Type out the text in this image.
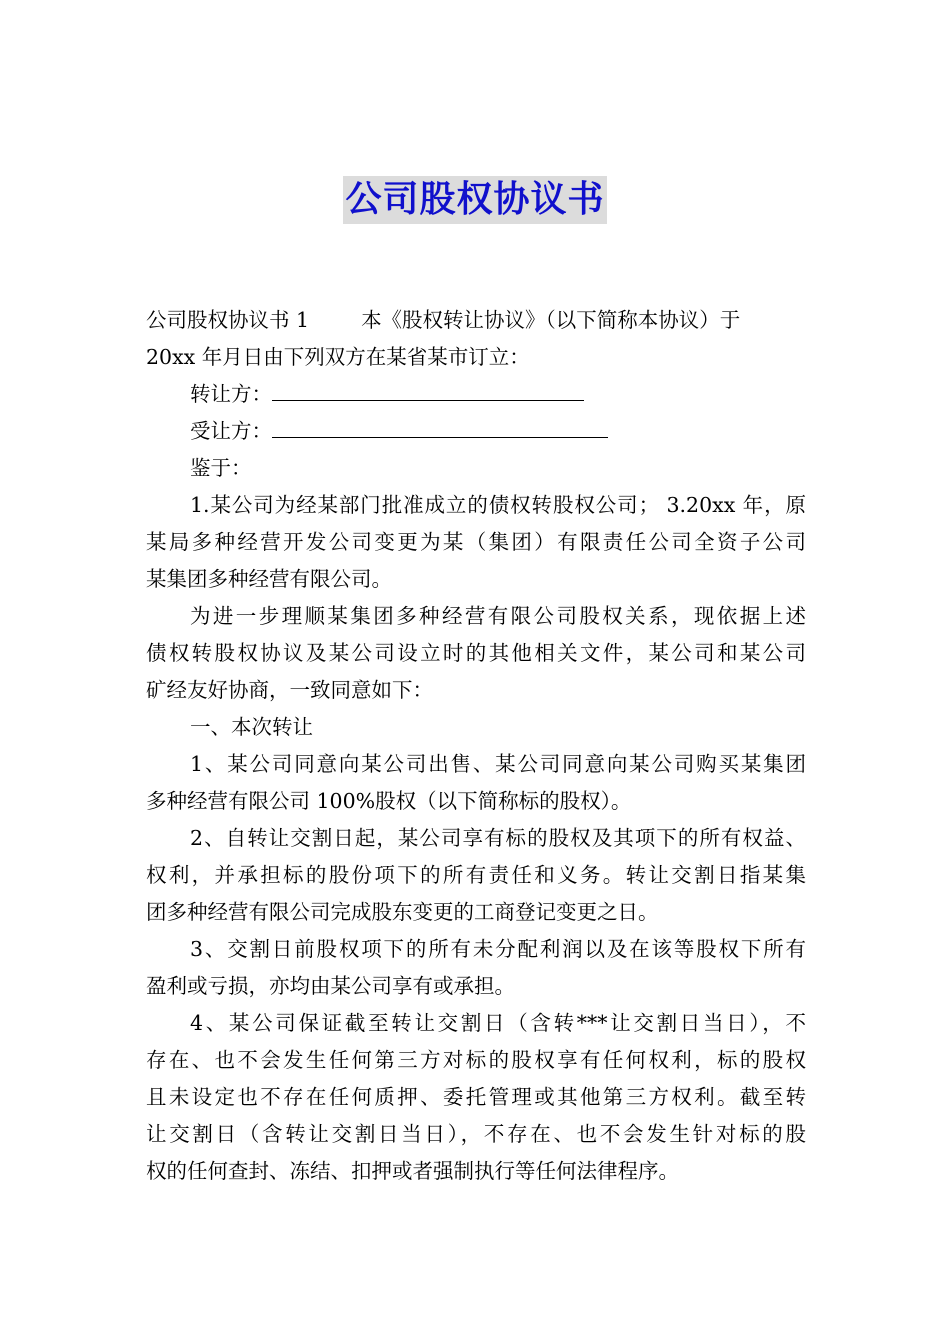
公司股权协议书
公司股权协议书 1	本《股权转让协议》（以下简称本协议）于
20xx 年月日由下列双方在某省某市订立：
转让方：
受让方：
鉴于：
1.某公司为经某部门批准成立的债权转股权公司； 3.20xx 年，原
某局多种经营开发公司变更为某（集团）有限责任公司全资子公司
某集团多种经营有限公司。
为进一步理顺某集团多种经营有限公司股权关系，现依据上述
债权转股权协议及某公司设立时的其他相关文件，某公司和某公司
矿经友好协商，一致同意如下：
一、本次转让
1、某公司同意向某公司出售、某公司同意向某公司购买某集团
多种经营有限公司 100%股权（以下简称标的股权）。
2、自转让交割日起，某公司享有标的股权及其项下的所有权益、
权利，并承担标的股份项下的所有责任和义务。转让交割日指某集
团多种经营有限公司完成股东变更的工商登记变更之日。
3、交割日前股权项下的所有未分配利润以及在该等股权下所有
盈利或亏损，亦均由某公司享有或承担。
4、某公司保证截至转让交割日（含转***让交割日当日），不
存在、也不会发生任何第三方对标的股权享有任何权利，标的股权
且未设定也不存在任何质押、委托管理或其他第三方权利。截至转
让交割日（含转让交割日当日），不存在、也不会发生针对标的股
权的任何查封、冻结、扣押或者强制执行等任何法律程序。
